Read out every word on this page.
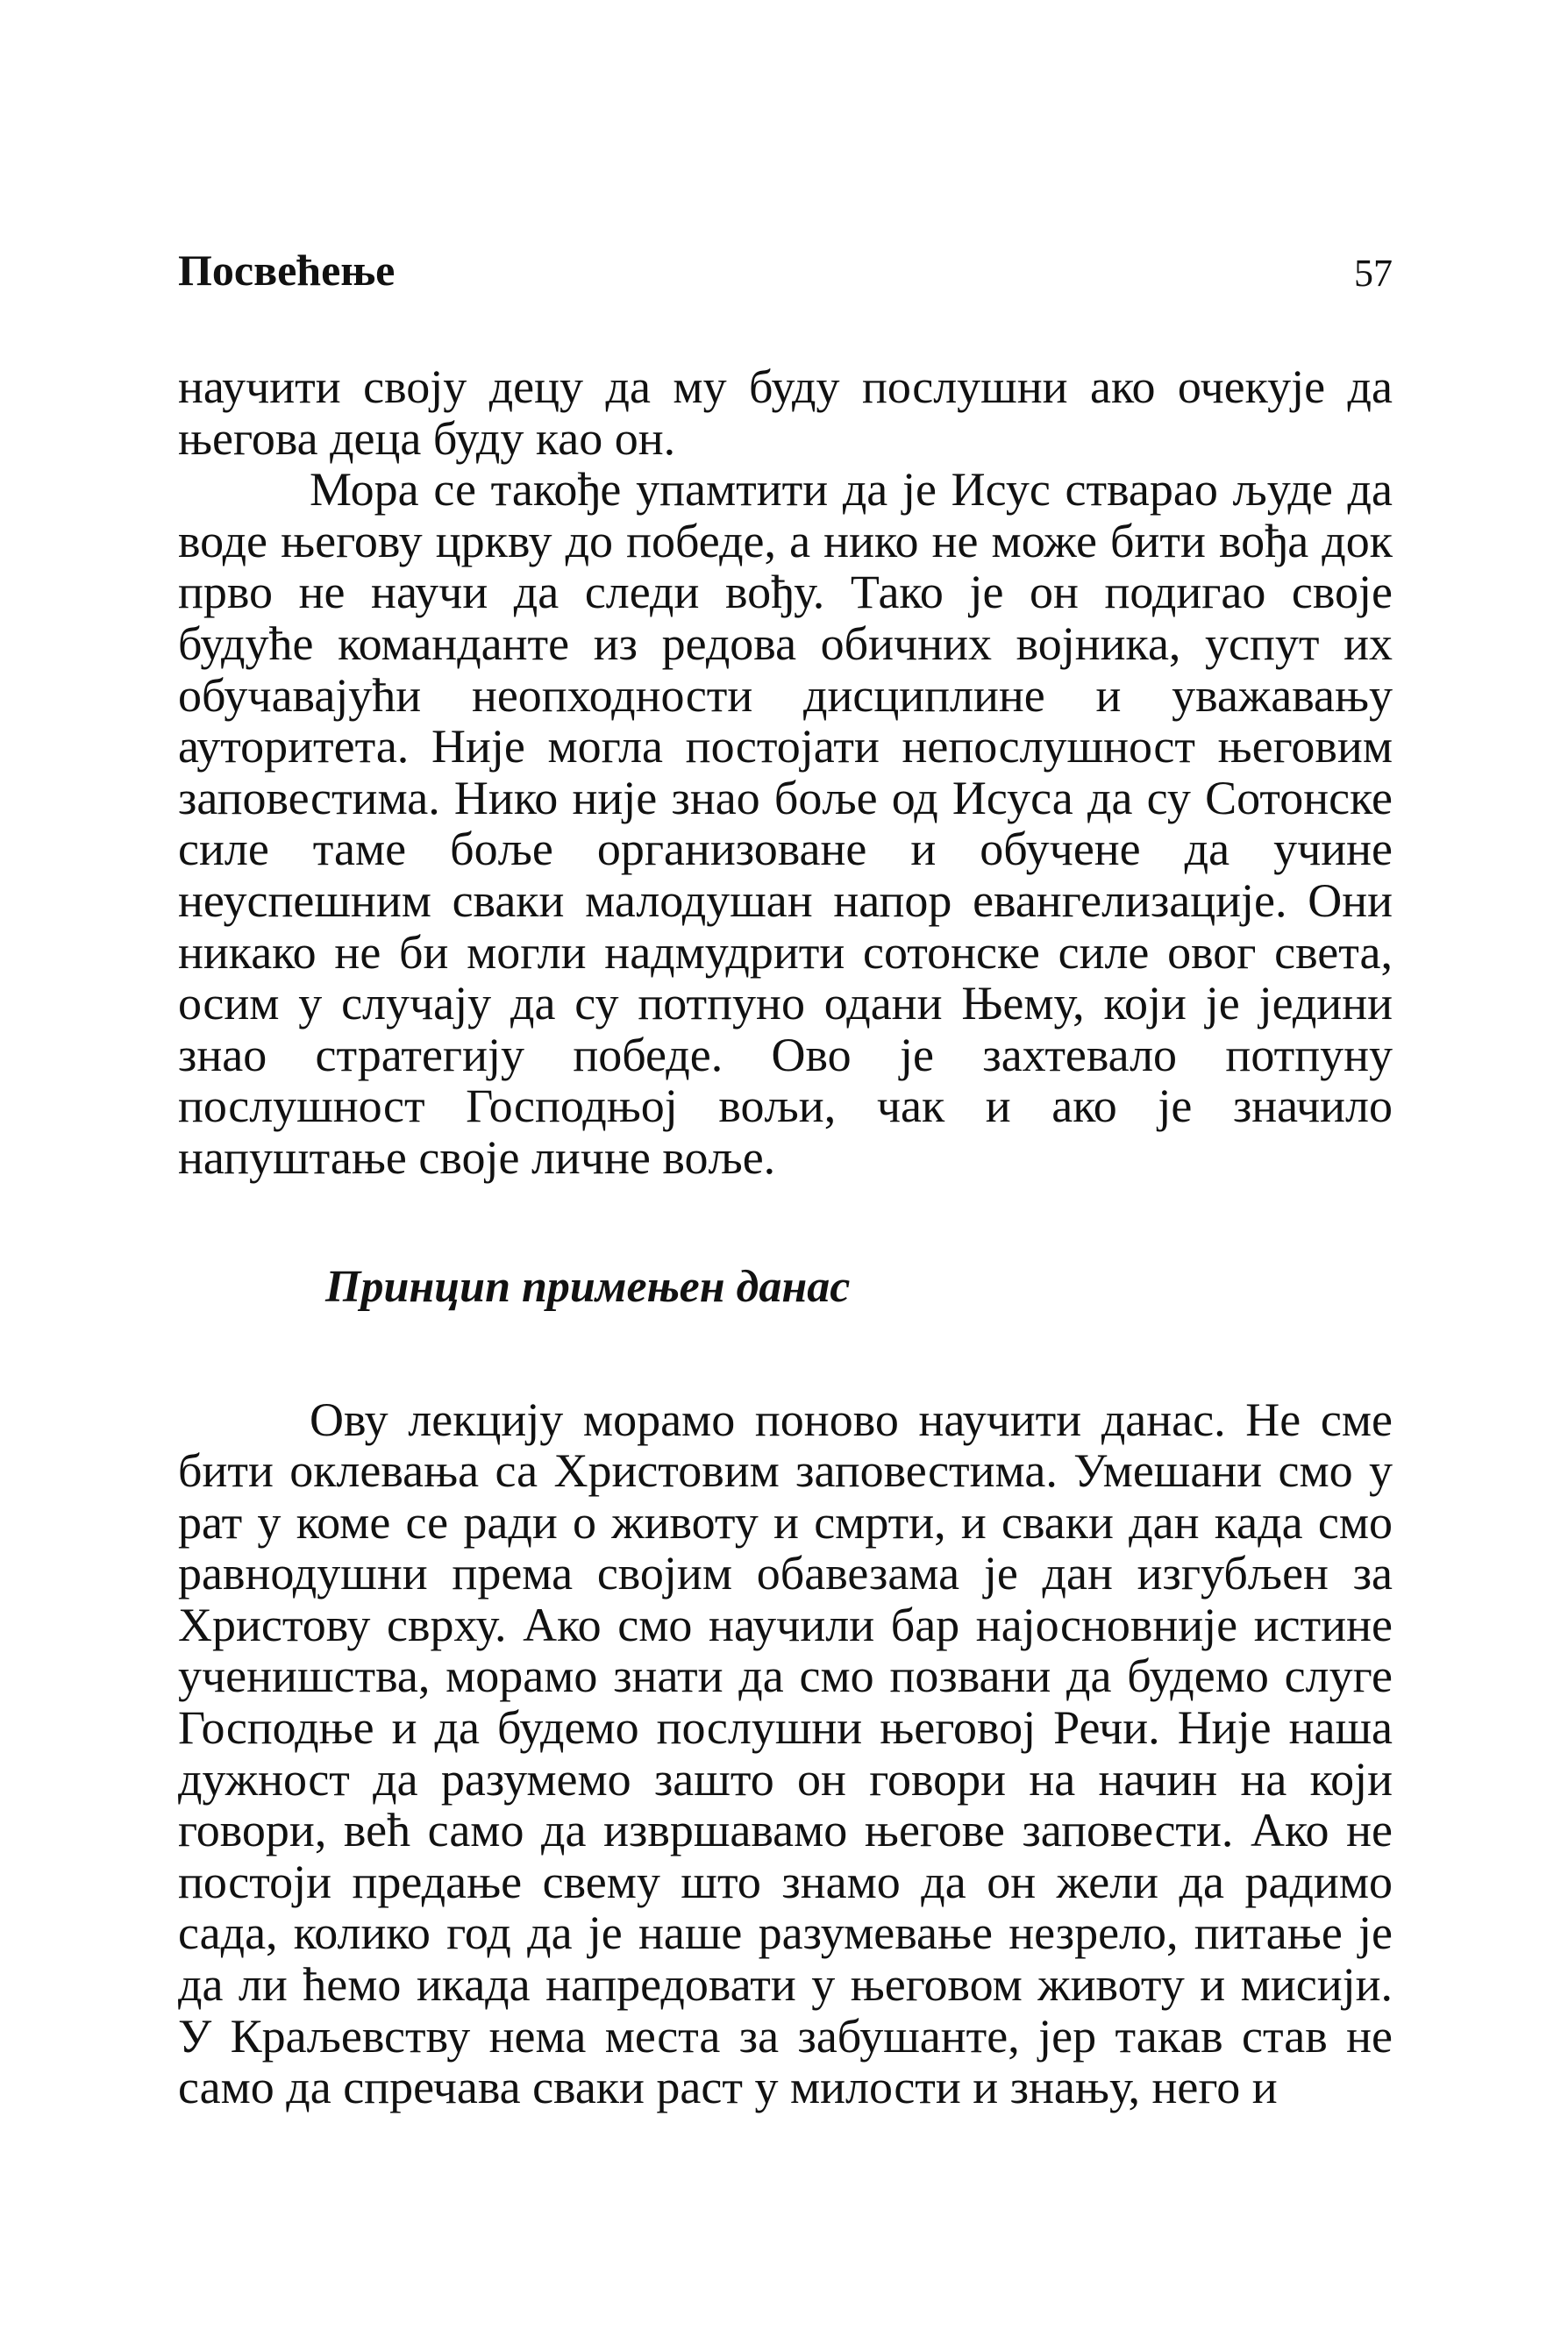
Посвећење	57

научити своју децу да му буду послушни ако очекује да његова деца буду као он.

Мора се такође упамтити да је Исус стварао људе да воде његову цркву до победе, а нико не може бити вођа док прво не научи да следи вођу. Тако је он подигао своје будуће команданте из редова обичних војника, успут их обучавајући неопходности дисциплине и уважавању ауторитета. Није могла постојати непослушност његовим заповестима. Нико није знао боље од Исуса да су Сотонске силе таме боље организоване и обучене да учине неуспешним сваки малодушан напор евангелизације. Они никако не би могли надмудрити сотонске силе овог света, осим у случају да су потпуно одани Њему, који је једини знао стратегију победе. Ово је захтевало потпуну послушност Господњој вољи, чак и ако је значило напуштање своје личне воље.

Принцип примењен данас

Ову лекцију морамо поново научити данас. Не сме бити оклевања са Христовим заповестима. Умешани смо у рат у коме се ради о животу и смрти, и сваки дан када смо равнодушни према својим обавезама је дан изгубљен за Христову сврху. Ако смо научили бар најосновније истине ученишства, морамо знати да смо позвани да будемо слуге Господње и да будемо послушни његовој Речи. Није наша дужност да разумемо зашто он говори на начин на који говори, већ само да извршавамо његове заповести. Ако не постоји предање свему што знамо да он жели да радимо сада, колико год да је наше разумевање незрело, питање је да ли ћемо икада напредовати у његовом животу и мисији. У Краљевству нема места за забушанте, јер такав став не само да спречава сваки раст у милости и знању, него и
